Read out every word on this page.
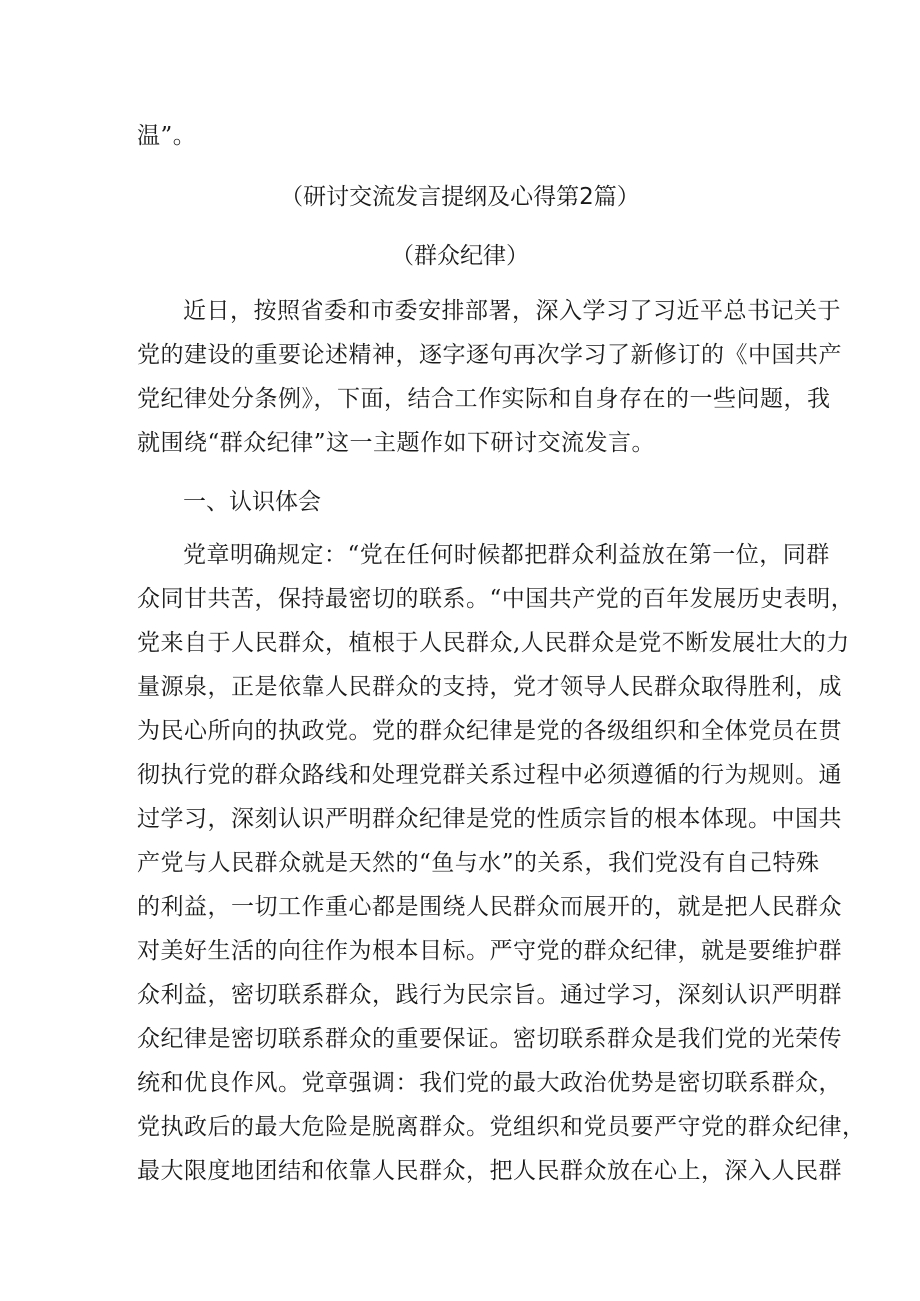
温”。
（研讨交流发言提纲及心得第2篇）
（群众纪律）
近日，按照省委和市委安排部署，深入学习了习近平总书记关于
党的建设的重要论述精神，逐字逐句再次学习了新修订的《中国共产
党纪律处分条例》，下面，结合工作实际和自身存在的一些问题，我
就围绕“群众纪律”这一主题作如下研讨交流发言。
一、认识体会
党章明确规定：“党在任何时候都把群众利益放在第一位，同群
众同甘共苦，保持最密切的联系。“中国共产党的百年发展历史表明，
党来自于人民群众，植根于人民群众,人民群众是党不断发展壮大的力
量源泉，正是依靠人民群众的支持，党才领导人民群众取得胜利，成
为民心所向的执政党。党的群众纪律是党的各级组织和全体党员在贯
彻执行党的群众路线和处理党群关系过程中必须遵循的行为规则。通
过学习，深刻认识严明群众纪律是党的性质宗旨的根本体现。中国共
产党与人民群众就是天然的“鱼与水”的关系，我们党没有自己特殊
的利益，一切工作重心都是围绕人民群众而展开的，就是把人民群众
对美好生活的向往作为根本目标。严守党的群众纪律，就是要维护群
众利益，密切联系群众，践行为民宗旨。通过学习，深刻认识严明群
众纪律是密切联系群众的重要保证。密切联系群众是我们党的光荣传
统和优良作风。党章强调：我们党的最大政治优势是密切联系群众，
党执政后的最大危险是脱离群众。党组织和党员要严守党的群众纪律，
最大限度地团结和依靠人民群众，把人民群众放在心上，深入人民群
